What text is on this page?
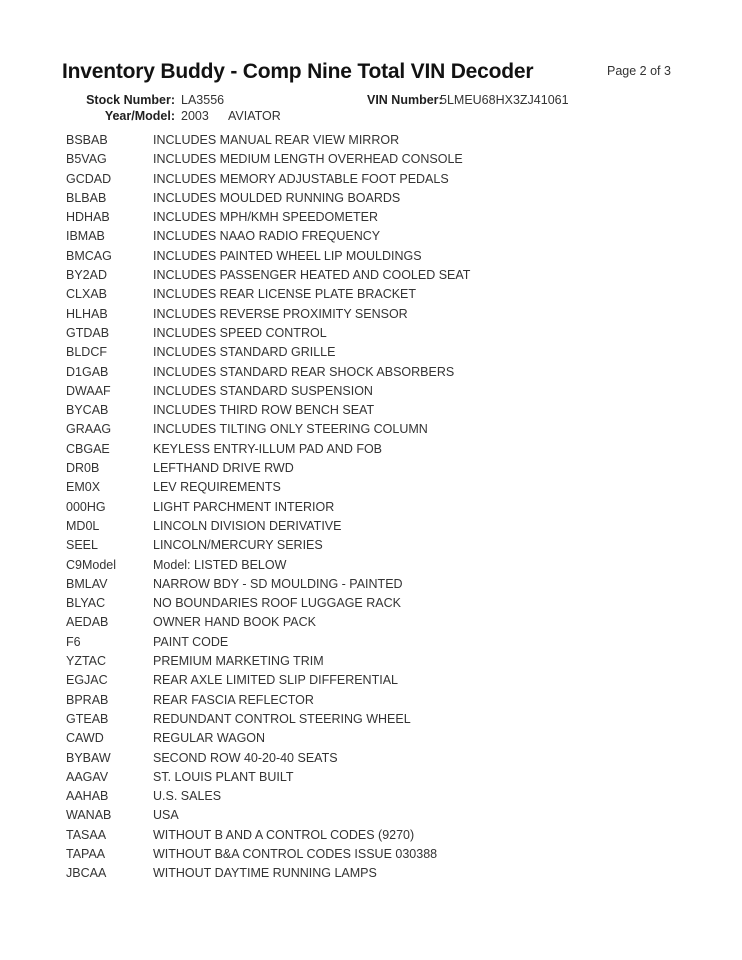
Page 2 of 3
Inventory Buddy - Comp Nine Total VIN Decoder
Stock Number: LA3556	VIN Number:
5LMEU68HX3ZJ41061
Year/Model: 2003 AVIATOR
BSBAB	INCLUDES MANUAL REAR VIEW MIRROR
B5VAG	INCLUDES MEDIUM LENGTH OVERHEAD CONSOLE
GCDAD	INCLUDES MEMORY ADJUSTABLE FOOT PEDALS
BLBAB	INCLUDES MOULDED RUNNING BOARDS
HDHAB	INCLUDES MPH/KMH SPEEDOMETER
IBMAB	INCLUDES NAAO RADIO FREQUENCY
BMCAG	INCLUDES PAINTED WHEEL LIP MOULDINGS
BY2AD	INCLUDES PASSENGER HEATED AND COOLED SEAT
CLXAB	INCLUDES REAR LICENSE PLATE BRACKET
HLHAB	INCLUDES REVERSE PROXIMITY SENSOR
GTDAB	INCLUDES SPEED CONTROL
BLDCF	INCLUDES STANDARD GRILLE
D1GAB	INCLUDES STANDARD REAR SHOCK ABSORBERS
DWAAF	INCLUDES STANDARD SUSPENSION
BYCAB	INCLUDES THIRD ROW BENCH SEAT
GRAAG	INCLUDES TILTING ONLY STEERING COLUMN
CBGAE	KEYLESS ENTRY-ILLUM PAD AND FOB
DR0B	LEFTHAND DRIVE RWD
EM0X	LEV REQUIREMENTS
000HG	LIGHT PARCHMENT INTERIOR
MD0L	LINCOLN DIVISION DERIVATIVE
SEEL	LINCOLN/MERCURY SERIES
C9Model	Model: LISTED BELOW
BMLAV	NARROW BDY - SD MOULDING - PAINTED
BLYAC	NO BOUNDARIES ROOF LUGGAGE RACK
AEDAB	OWNER HAND BOOK PACK
F6	PAINT CODE
YZTAC	PREMIUM MARKETING TRIM
EGJAC	REAR AXLE LIMITED SLIP DIFFERENTIAL
BPRAB	REAR FASCIA REFLECTOR
GTEAB	REDUNDANT CONTROL STEERING WHEEL
CAWD	REGULAR WAGON
BYBAW	SECOND ROW 40-20-40 SEATS
AAGAV	ST. LOUIS PLANT BUILT
AAHAB	U.S. SALES
WANAB	USA
TASAA	WITHOUT B AND A CONTROL CODES (9270)
TAPAA	WITHOUT B&A CONTROL CODES ISSUE 030388
JBCAA	WITHOUT DAYTIME RUNNING LAMPS
